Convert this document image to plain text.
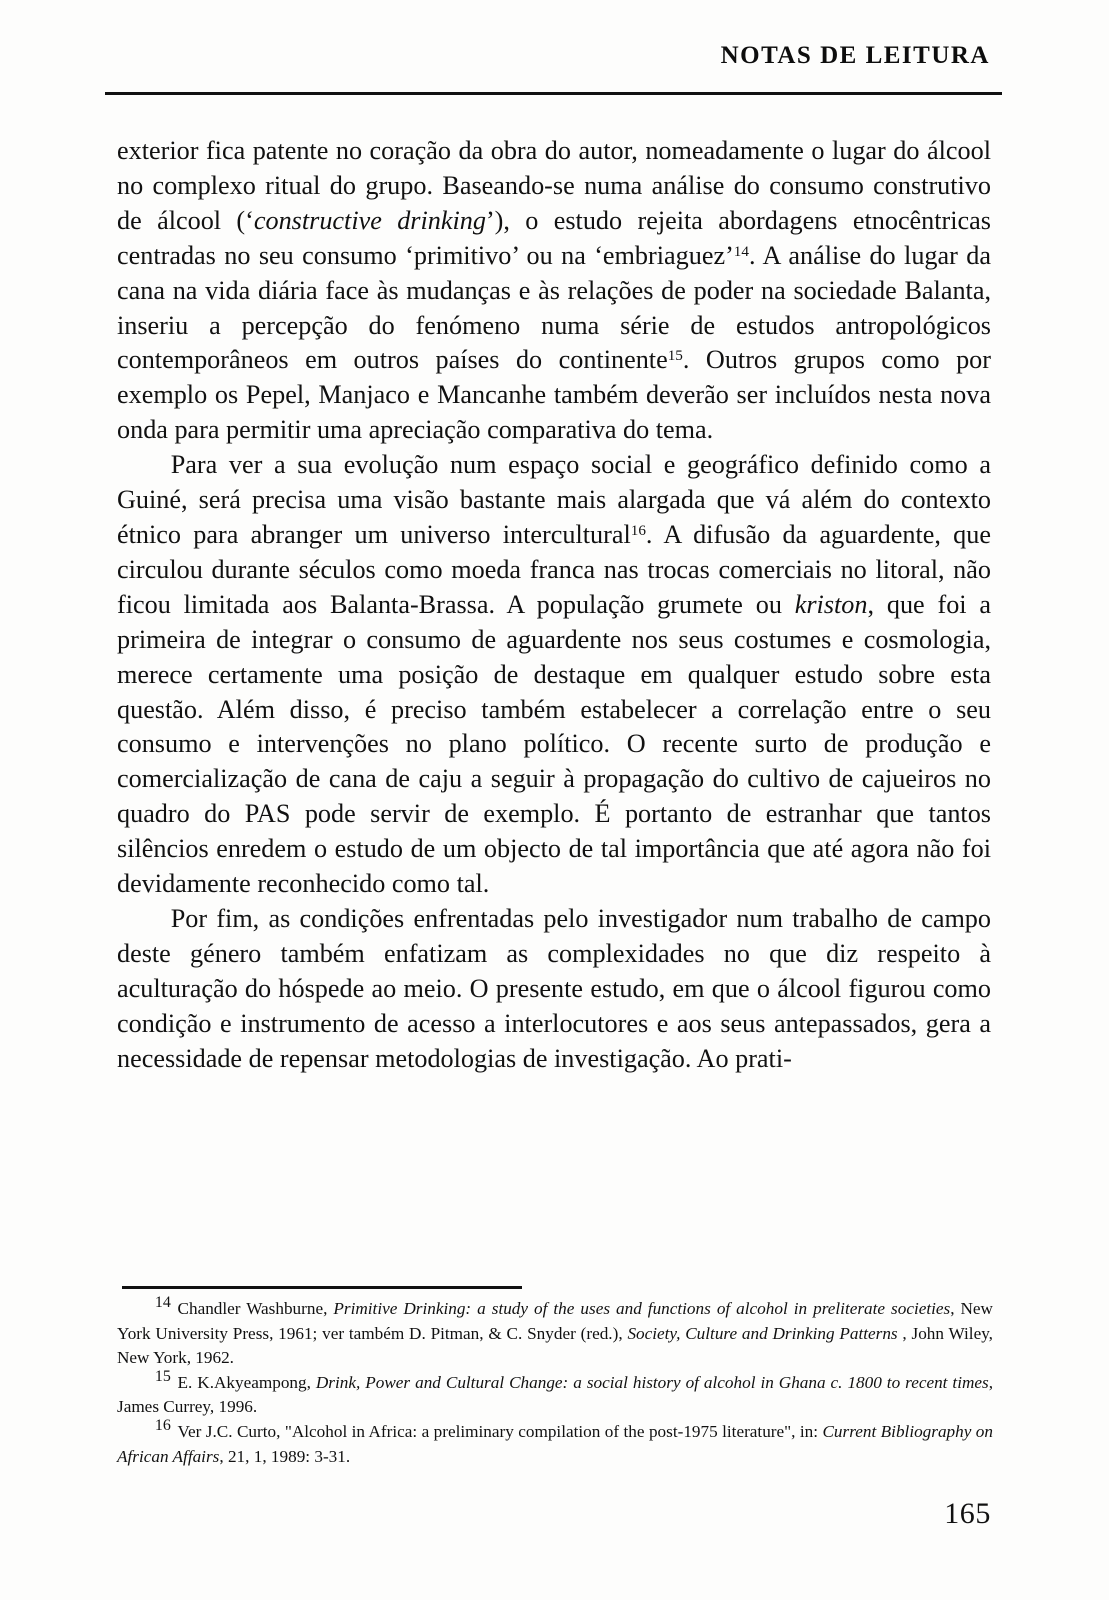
NOTAS DE LEITURA

exterior fica patente no coração da obra do autor, nomeadamente o lugar do álcool no complexo ritual do grupo. Baseando-se numa análise do consumo construtivo de álcool (‘constructive drinking’), o estudo rejeita abordagens etnocêntricas centradas no seu consumo ‘primitivo’ ou na ‘embriaguez’$^{14}$. A análise do lugar da cana na vida diária face às mudanças e às relações de poder na sociedade Balanta, inseriu a percepção do fenómeno numa série de estudos antropológicos contemporâneos em outros países do continente$^{15}$. Outros grupos como por exemplo os Pepel, Manjaco e Mancanhe também deverão ser incluídos nesta nova onda para permitir uma apreciação comparativa do tema.

Para ver a sua evolução num espaço social e geográfico definido como a Guiné, será precisa uma visão bastante mais alargada que vá além do contexto étnico para abranger um universo intercultural$^{16}$. A difusão da aguardente, que circulou durante séculos como moeda franca nas trocas comerciais no litoral, não ficou limitada aos Balanta-Brassa. A população grumete ou kriston, que foi a primeira de integrar o consumo de aguardente nos seus costumes e cosmologia, merece certamente uma posição de destaque em qualquer estudo sobre esta questão. Além disso, é preciso também estabelecer a correlação entre o seu consumo e intervenções no plano político. O recente surto de produção e comercialização de cana de caju a seguir à propagação do cultivo de cajueiros no quadro do PAS pode servir de exemplo. É portanto de estranhar que tantos silêncios enredem o estudo de um objecto de tal importância que até agora não foi devidamente reconhecido como tal.

Por fim, as condições enfrentadas pelo investigador num trabalho de campo deste género também enfatizam as complexidades no que diz respeito à aculturação do hóspede ao meio. O presente estudo, em que o álcool figurou como condição e instrumento de acesso a interlocutores e aos seus antepassados, gera a necessidade de repensar metodologias de investigação. Ao prati-

14 Chandler Washburne, Primitive Drinking: a study of the uses and functions of alcohol in preliterate societies, New York University Press, 1961; ver também D. Pitman, & C. Snyder (red.), Society, Culture and Drinking Patterns , John Wiley, New York, 1962.

15 E. K.Akyeampong, Drink, Power and Cultural Change: a social history of alcohol in Ghana c. 1800 to recent times, James Currey, 1996.

16 Ver J.C. Curto, "Alcohol in Africa: a preliminary compilation of the post-1975 literature", in: Current Bibliography on African Affairs, 21, 1, 1989: 3-31.

165
